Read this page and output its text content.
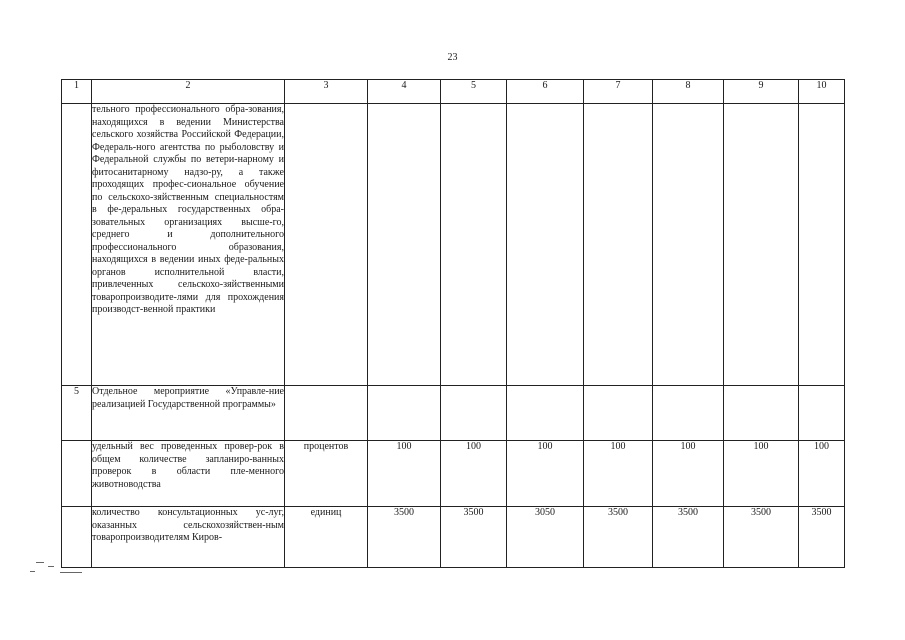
23
1	2	3	4	5	6	7	8	9	10
	тельного профессионального обра-зования, находящихся в ведении Министерства сельского хозяйства Российской Федерации, Федераль-ного агентства по рыболовству и Федеральной службы по ветери-нарному и фитосанитарному надзо-ру, а также проходящих профес-сиональное обучение по сельскохо-зяйственным специальностям в фе-деральных государственных обра-зовательных организациях высше-го, среднего и дополнительного профессионального образования, находящихся в ведении иных феде-ральных органов исполнительной власти, привлеченных сельскохо-зяйственными товаропроизводите-лями для прохождения производст-венной практики								
5	Отдельное мероприятие «Управле-ние реализацией Государственной программы»								
	удельный вес проведенных провер-рок в общем количестве запланиро-ванных проверок в области пле-менного животноводства	процентов	100	100	100	100	100	100	100
	количество консультационных ус-луг, оказанных сельскохозяйствен-ным товаропроизводителям Киров-	единиц	3500	3500	3050	3500	3500	3500	3500
